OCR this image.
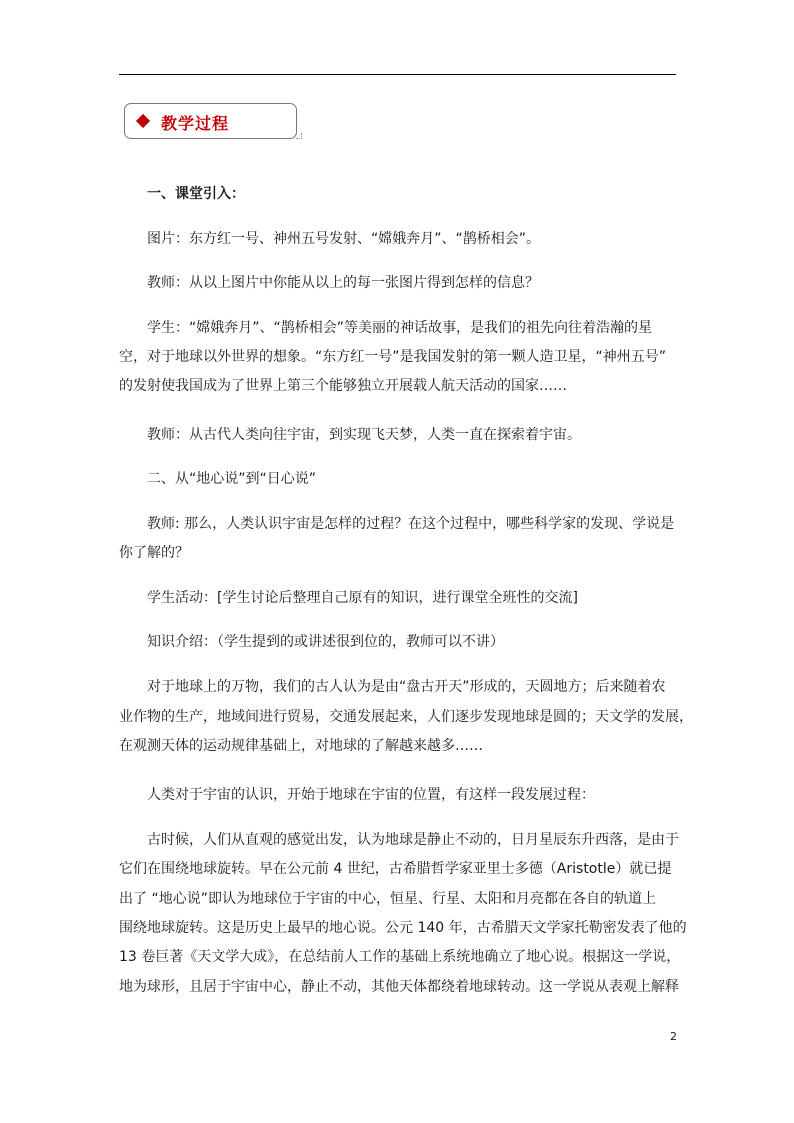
教学过程
一、课堂引入：
图片：东方红一号、神州五号发射、“嫦娥奔月”、“鹊桥相会”。
教师：从以上图片中你能从以上的每一张图片得到怎样的信息？
学生：“嫦娥奔月”、“鹊桥相会”等美丽的神话故事，是我们的祖先向往着浩瀚的星
空，对于地球以外世界的想象。“东方红一号”是我国发射的第一颗人造卫星，“神州五号”
的发射使我国成为了世界上第三个能够独立开展载人航天活动的国家……
教师：从古代人类向往宇宙，到实现飞天梦，人类一直在探索着宇宙。
二、从“地心说”到“日心说”
教师: 那么，人类认识宇宙是怎样的过程？在这个过程中，哪些科学家的发现、学说是
你了解的？
学生活动：[学生讨论后整理自己原有的知识，进行课堂全班性的交流]
知识介绍：（学生提到的或讲述很到位的，教师可以不讲）
对于地球上的万物，我们的古人认为是由“盘古开天”形成的，天圆地方；后来随着农
业作物的生产，地域间进行贸易，交通发展起来，人们逐步发现地球是圆的；天文学的发展，
在观测天体的运动规律基础上，对地球的了解越来越多……
人类对于宇宙的认识，开始于地球在宇宙的位置，有这样一段发展过程：
古时候，人们从直观的感觉出发，认为地球是静止不动的，日月星辰东升西落，是由于
它们在围绕地球旋转。早在公元前 4 世纪，古希腊哲学家亚里士多德（Aristotle）就已提
出了 “地心说”即认为地球位于宇宙的中心，恒星、行星、太阳和月亮都在各自的轨道上
围绕地球旋转。这是历史上最早的地心说。公元 140 年，古希腊天文学家托勒密发表了他的
13 卷巨著《天文学大成》，在总结前人工作的基础上系统地确立了地心说。根据这一学说，
地为球形，且居于宇宙中心，静止不动，其他天体都绕着地球转动。这一学说从表观上解释
2
